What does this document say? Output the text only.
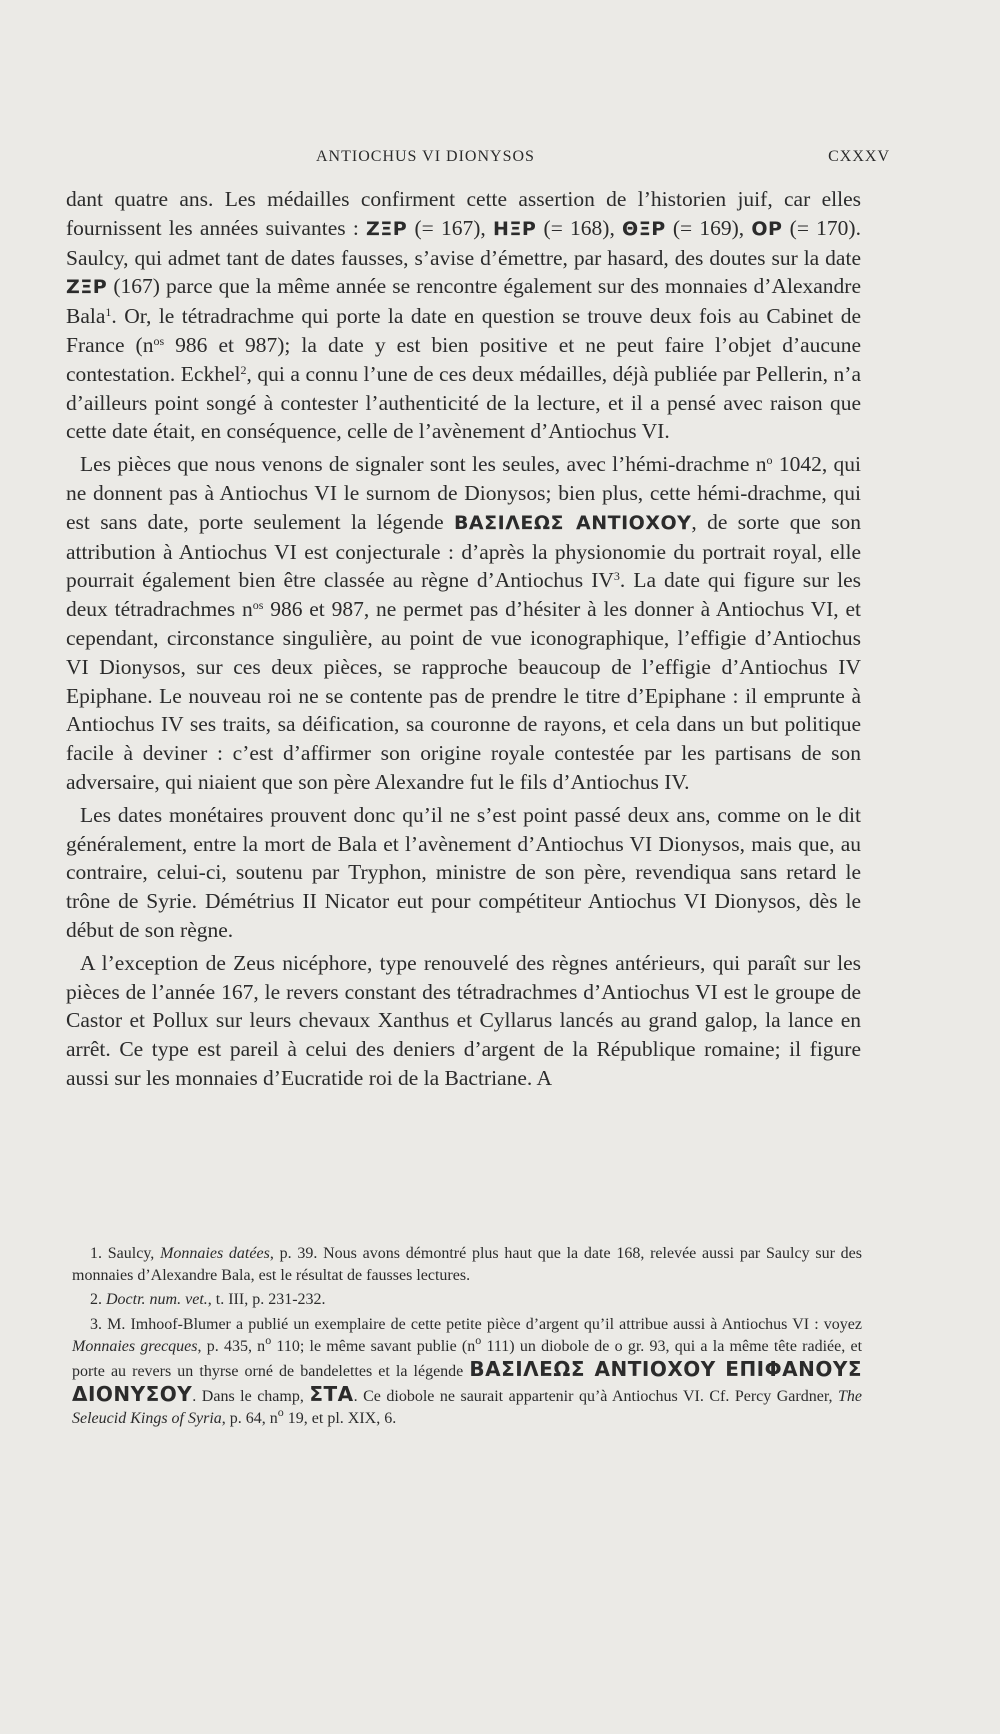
ANTIOCHUS VI DIONYSOS	CXXXV

dant quatre ans. Les médailles confirment cette assertion de l’historien juif, car elles fournissent les années suivantes : ΖΞΡ (= 167), ΗΞΡ (= 168), ΘΞΡ (= 169), ΟΡ (= 170). Saulcy, qui admet tant de dates fausses, s’avise d’émettre, par hasard, des doutes sur la date ΖΞΡ (167) parce que la même année se rencontre également sur des monnaies d’Alexandre Bala$^1$. Or, le tétradrachme qui porte la date en question se trouve deux fois au Cabinet de France ($n^{os}$ 986 et 987); la date y est bien positive et ne peut faire l’objet d’aucune contestation. Eckhel$^2$, qui a connu l’une de ces deux médailles, déjà publiée par Pellerin, n’a d’ailleurs point songé à contester l’authenticité de la lecture, et il a pensé avec raison que cette date était, en conséquence, celle de l’avènement d’Antiochus VI.

Les pièces que nous venons de signaler sont les seules, avec l’hémi-drachme $n^o$ 1042, qui ne donnent pas à Antiochus VI le surnom de Dionysos; bien plus, cette hémi-drachme, qui est sans date, porte seulement la légende ΒΑΣΙΛΕΩΣ ΑΝΤΙΟΧΟΥ, de sorte que son attribution à Antiochus VI est conjecturale : d’après la physionomie du portrait royal, elle pourrait également bien être classée au règne d’Antiochus $IV^3$. La date qui figure sur les deux tétradrachmes $n^{os}$ 986 et 987, ne permet pas d’hésiter à les donner à Antiochus VI, et cependant, circonstance singulière, au point de vue iconographique, l’effigie d’Antiochus VI Dionysos, sur ces deux pièces, se rapproche beaucoup de l’effigie d’Antiochus IV Epiphane. Le nouveau roi ne se contente pas de prendre le titre d’Epiphane : il emprunte à Antiochus IV ses traits, sa déification, sa couronne de rayons, et cela dans un but politique facile à deviner : c’est d’affirmer son origine royale contestée par les partisans de son adversaire, qui niaient que son père Alexandre fut le fils d’Antiochus IV.

Les dates monétaires prouvent donc qu’il ne s’est point passé deux ans, comme on le dit généralement, entre la mort de Bala et l’avènement d’Antiochus VI Dionysos, mais que, au contraire, celui-ci, soutenu par Tryphon, ministre de son père, revendiqua sans retard le trône de Syrie. Démétrius II Nicator eut pour compétiteur Antiochus VI Dionysos, dès le début de son règne.

A l’exception de Zeus nicéphore, type renouvelé des règnes antérieurs, qui paraît sur les pièces de l’année 167, le revers constant des tétradrachmes d’Antiochus VI est le groupe de Castor et Pollux sur leurs chevaux Xanthus et Cyllarus lancés au grand galop, la lance en arrêt. Ce type est pareil à celui des deniers d’argent de la République romaine; il figure aussi sur les monnaies d’Eucratide roi de la Bactriane. A

1. Saulcy, Monnaies datées, p. 39. Nous avons démontré plus haut que la date 168, relevée aussi par Saulcy sur des monnaies d’Alexandre Bala, est le résultat de fausses lectures.

2. Doctr. num. vet., t. III, p. 231-232.

3. M. Imhoof-Blumer a publié un exemplaire de cette petite pièce d’argent qu’il attribue aussi à Antiochus VI : voyez Monnaies grecques, p. 435, $n^o$ 110; le même savant publie ($n^o$ 111) un diobole de o gr. 93, qui a la même tête radiée, et porte au revers un thyrse orné de bandelettes et la légende ΒΑΣΙΛΕΩΣ ΑΝΤΙΟΧΟΥ ΕΠΙΦΑΝΟΥΣ ΔΙΟΝΥΣΟΥ. Dans le champ, ΣΤΑ. Ce diobole ne saurait appartenir qu’à Antiochus VI. Cf. Percy Gardner, The Seleucid Kings of Syria, p. 64, $n^o$ 19, et pl. XIX, 6.
